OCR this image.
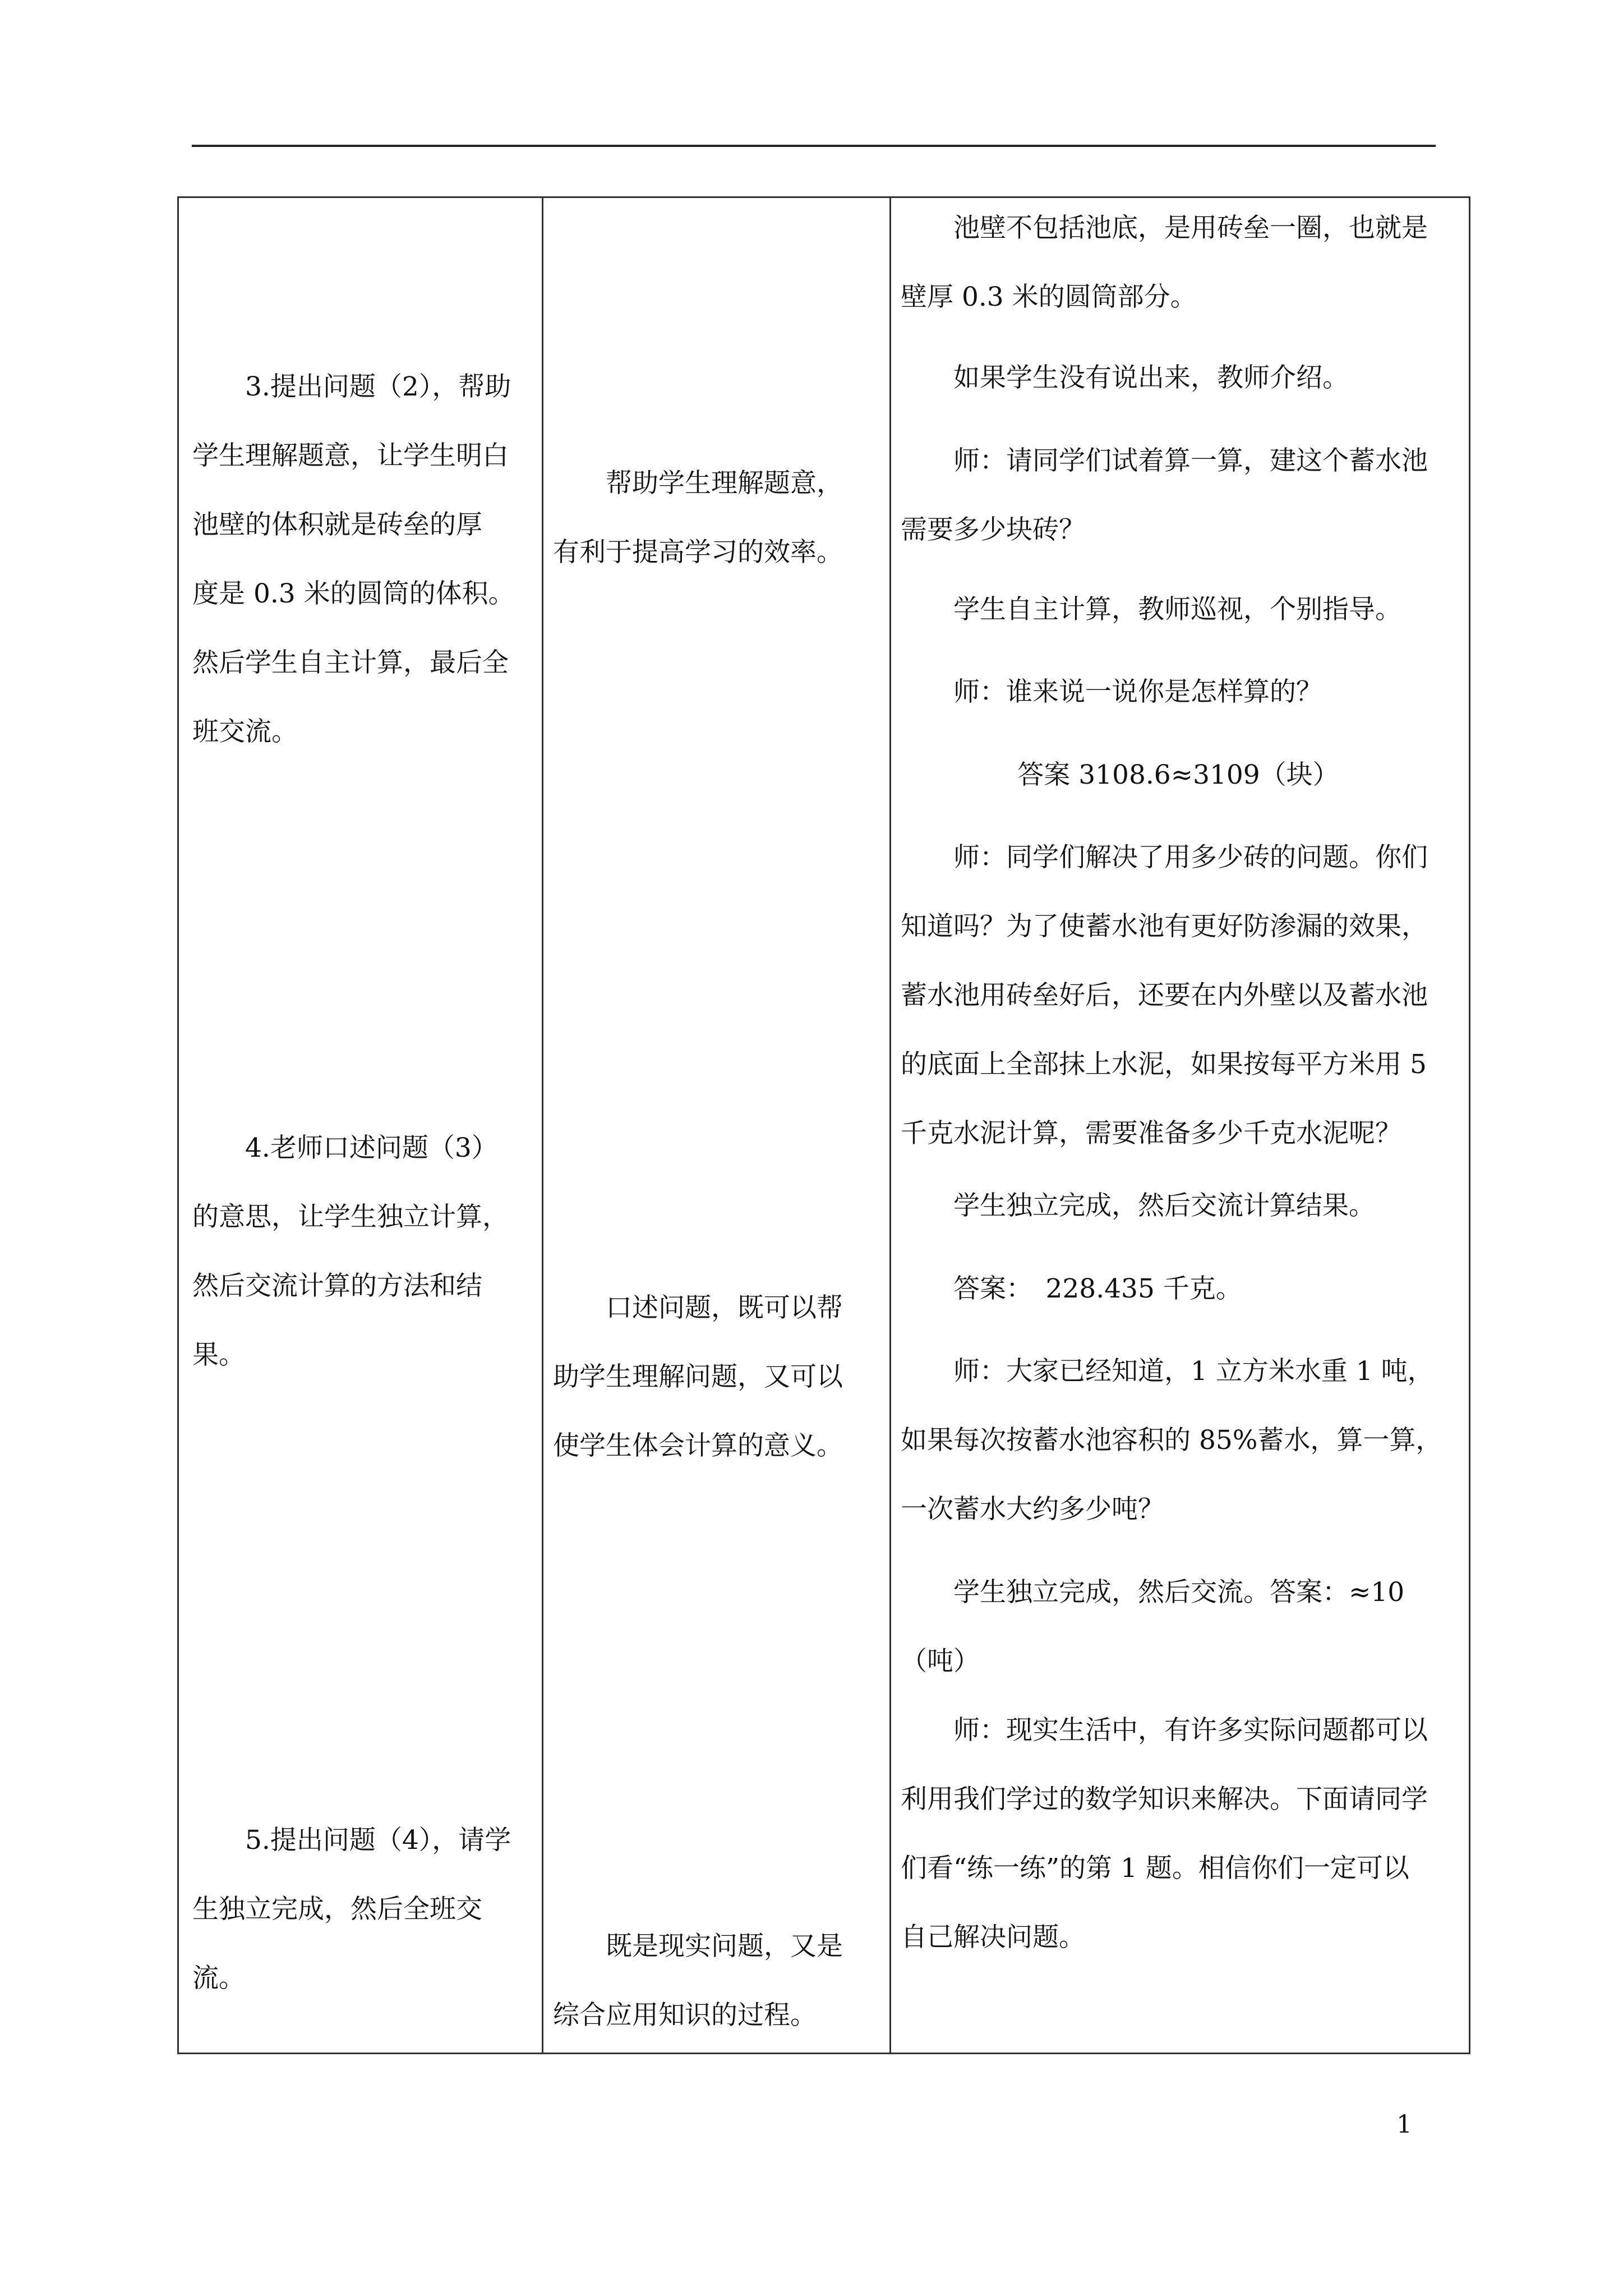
　　3.提出问题（2），帮助
学生理解题意，让学生明白
池壁的体积就是砖垒的厚
度是 0.3 米的圆筒的体积。
然后学生自主计算，最后全
班交流。
　　4.老师口述问题（3）
的意思，让学生独立计算，
然后交流计算的方法和结
果。
　　5.提出问题（4），请学
生独立完成，然后全班交流。
　　帮助学生理解题意，
有利于提高学习的效率。
　　口述问题，既可以帮
助学生理解问题，又可以
使学生体会计算的意义。
　　既是现实问题，又是
综合应用知识的过程。
　　池壁不包括池底，是用砖垒一圈，也就是
壁厚 0.3 米的圆筒部分。
　　如果学生没有说出来，教师介绍。
　　师：请同学们试着算一算，建这个蓄水池
需要多少块砖？
　　学生自主计算，教师巡视，个别指导。
　　师：谁来说一说你是怎样算的？
答案 3108.6≈3109（块）
　　师：同学们解决了用多少砖的问题。你们
知道吗？为了使蓄水池有更好防渗漏的效果，
蓄水池用砖垒好后，还要在内外壁以及蓄水池
的底面上全部抹上水泥，如果按每平方米用 5
千克水泥计算，需要准备多少千克水泥呢？
　　学生独立完成，然后交流计算结果。
　　答案：　228.435 千克。
　　师：大家已经知道，1 立方米水重 1 吨，
如果每次按蓄水池容积的 85%蓄水，算一算，
一次蓄水大约多少吨？
　　学生独立完成，然后交流。答案：≈10
（吨）
　　师：现实生活中，有许多实际问题都可以
利用我们学过的数学知识来解决。下面请同学
们看“练一练”的第 1 题。相信你们一定可以
自己解决问题。
1
